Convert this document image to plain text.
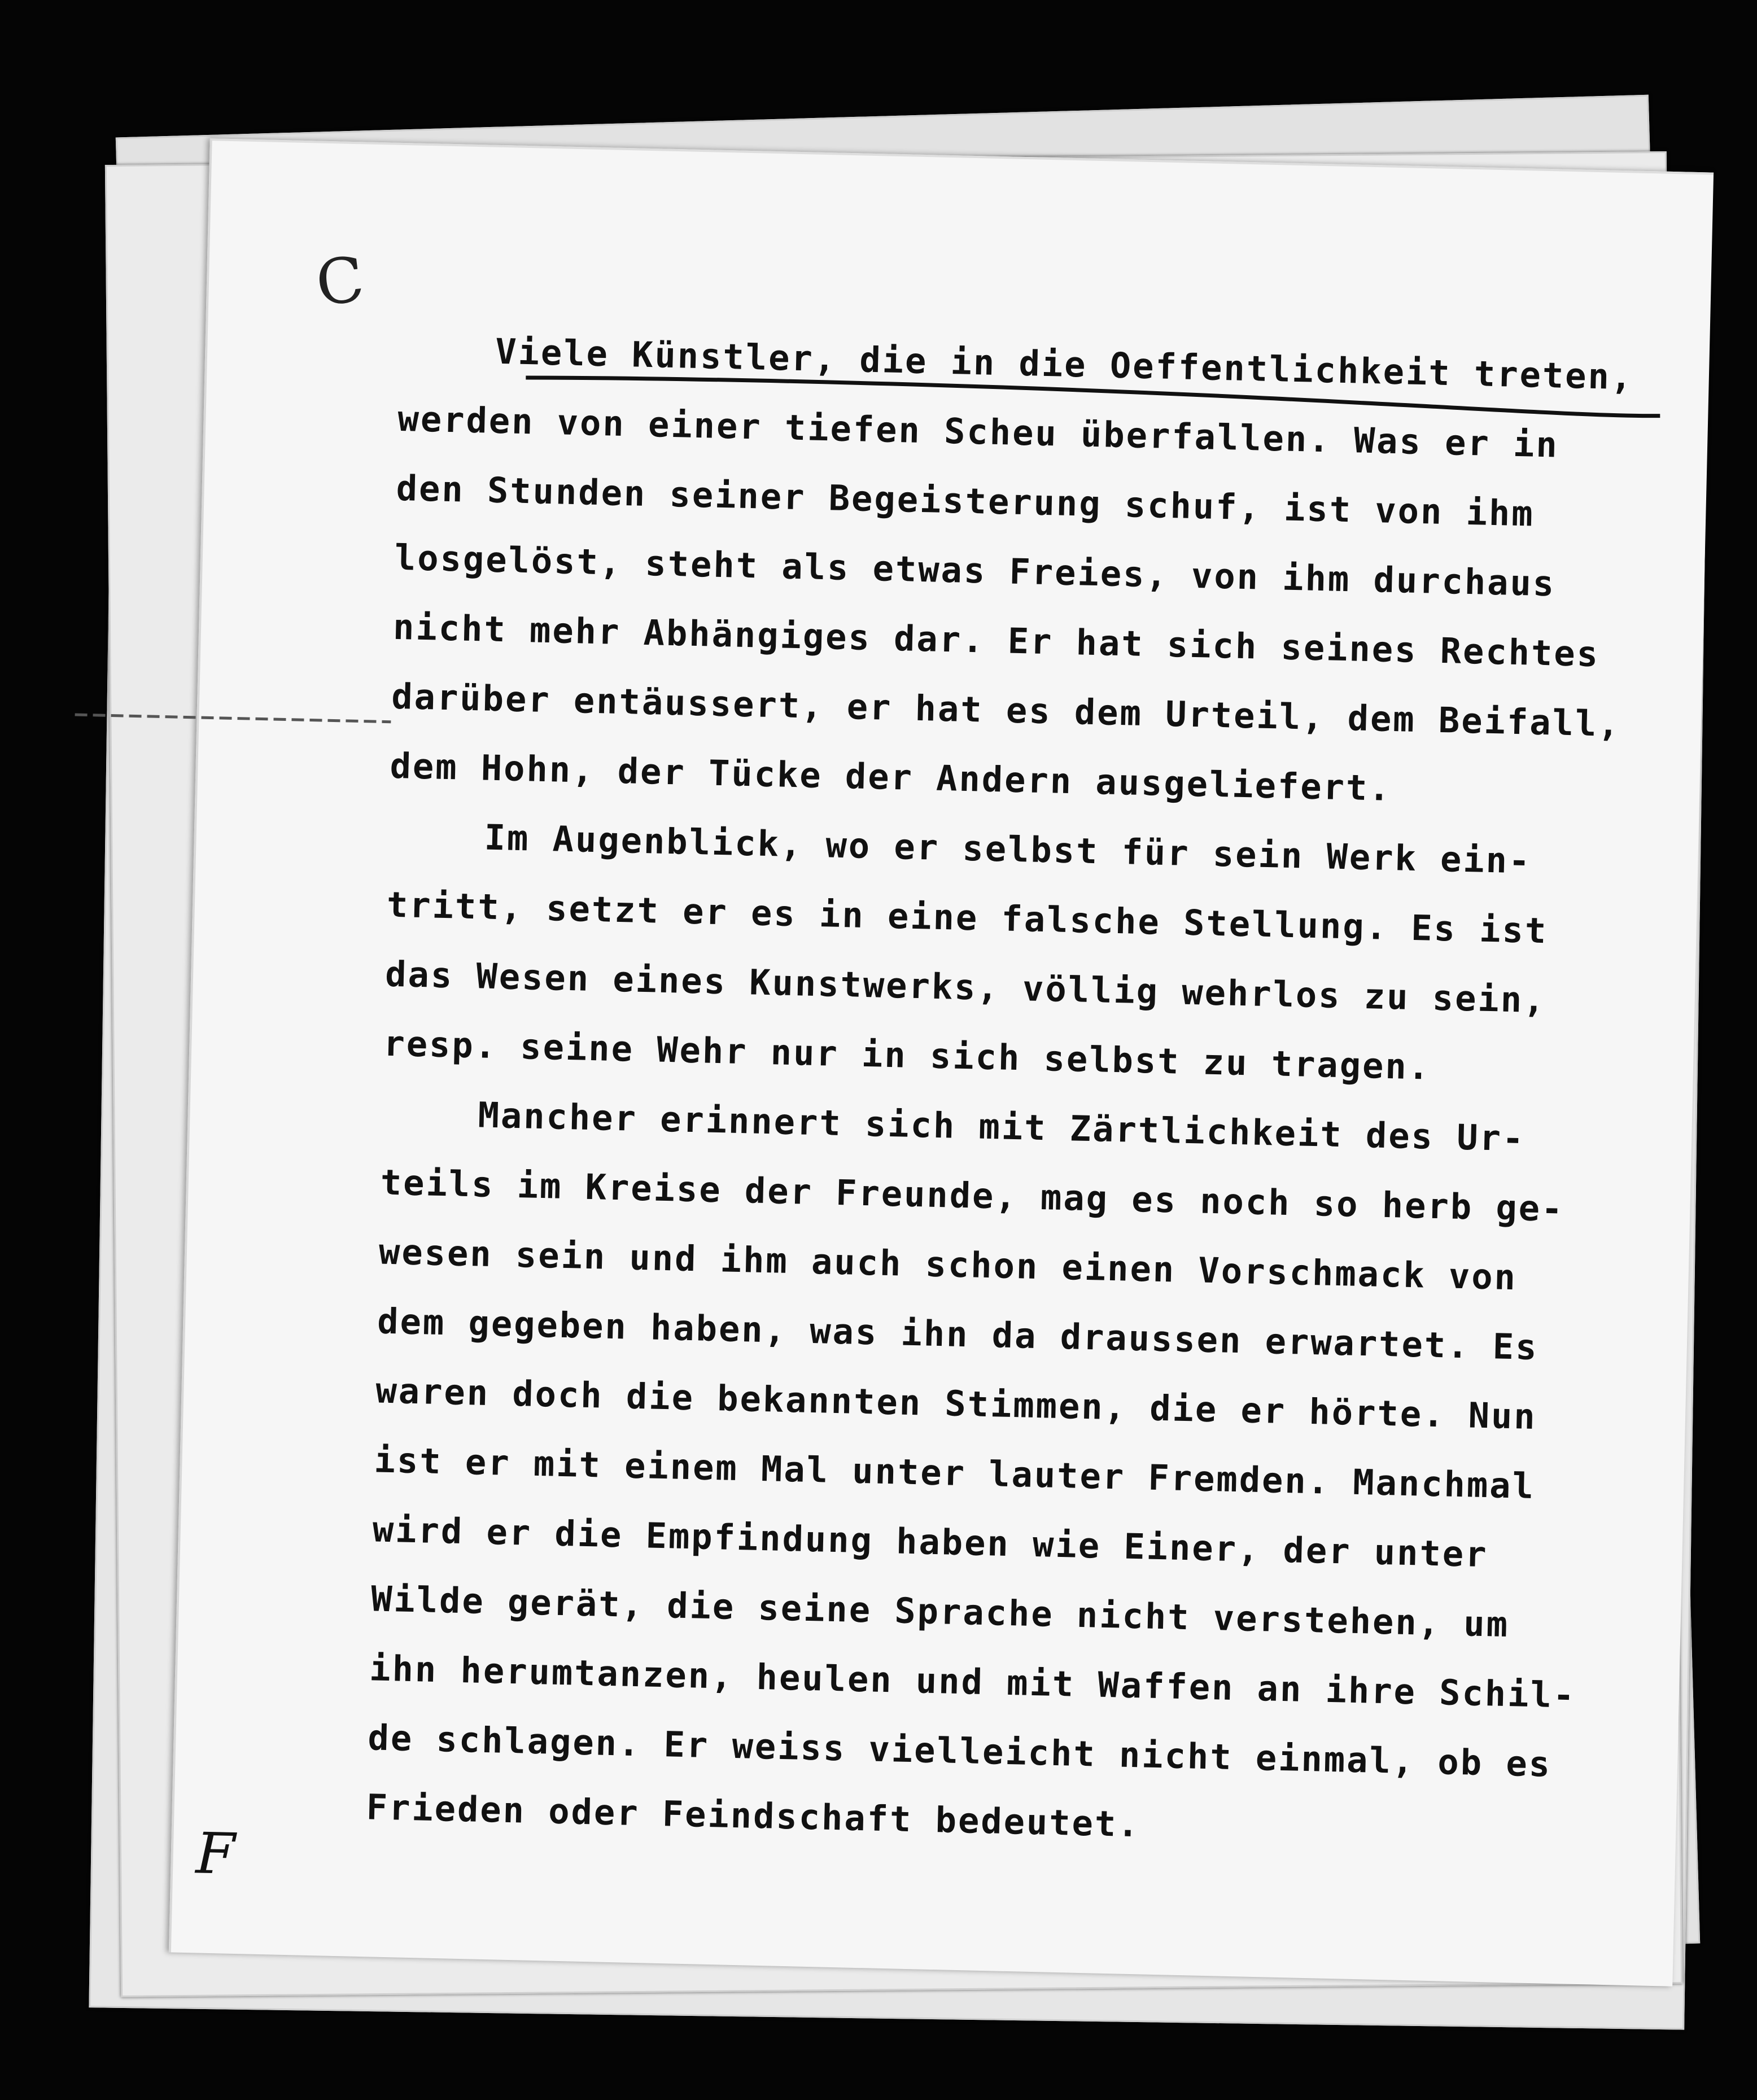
C
Viele Künstler, die in die Oeffentlichkeit treten,
werden von einer tiefen Scheu überfallen. Was er in
den Stunden seiner Begeisterung schuf, ist von ihm
losgelöst, steht als etwas Freies, von ihm durchaus
nicht mehr Abhängiges dar. Er hat sich seines Rechtes
darüber entäussert, er hat es dem Urteil, dem Beifall,
dem Hohn, der Tücke der Andern ausgeliefert.
Im Augenblick, wo er selbst für sein Werk ein-
tritt, setzt er es in eine falsche Stellung. Es ist
das Wesen eines Kunstwerks, völlig wehrlos zu sein,
resp. seine Wehr nur in sich selbst zu tragen.
Mancher erinnert sich mit Zärtlichkeit des Ur-
teils im Kreise der Freunde, mag es noch so herb ge-
wesen sein und ihm auch schon einen Vorschmack von
dem gegeben haben, was ihn da draussen erwartet. Es
waren doch die bekannten Stimmen, die er hörte. Nun
ist er mit einem Mal unter lauter Fremden. Manchmal
wird er die Empfindung haben wie Einer, der unter
Wilde gerät, die seine Sprache nicht verstehen, um
ihn herumtanzen, heulen und mit Waffen an ihre Schil-
de schlagen. Er weiss vielleicht nicht einmal, ob es
Frieden oder Feindschaft bedeutet.
F
